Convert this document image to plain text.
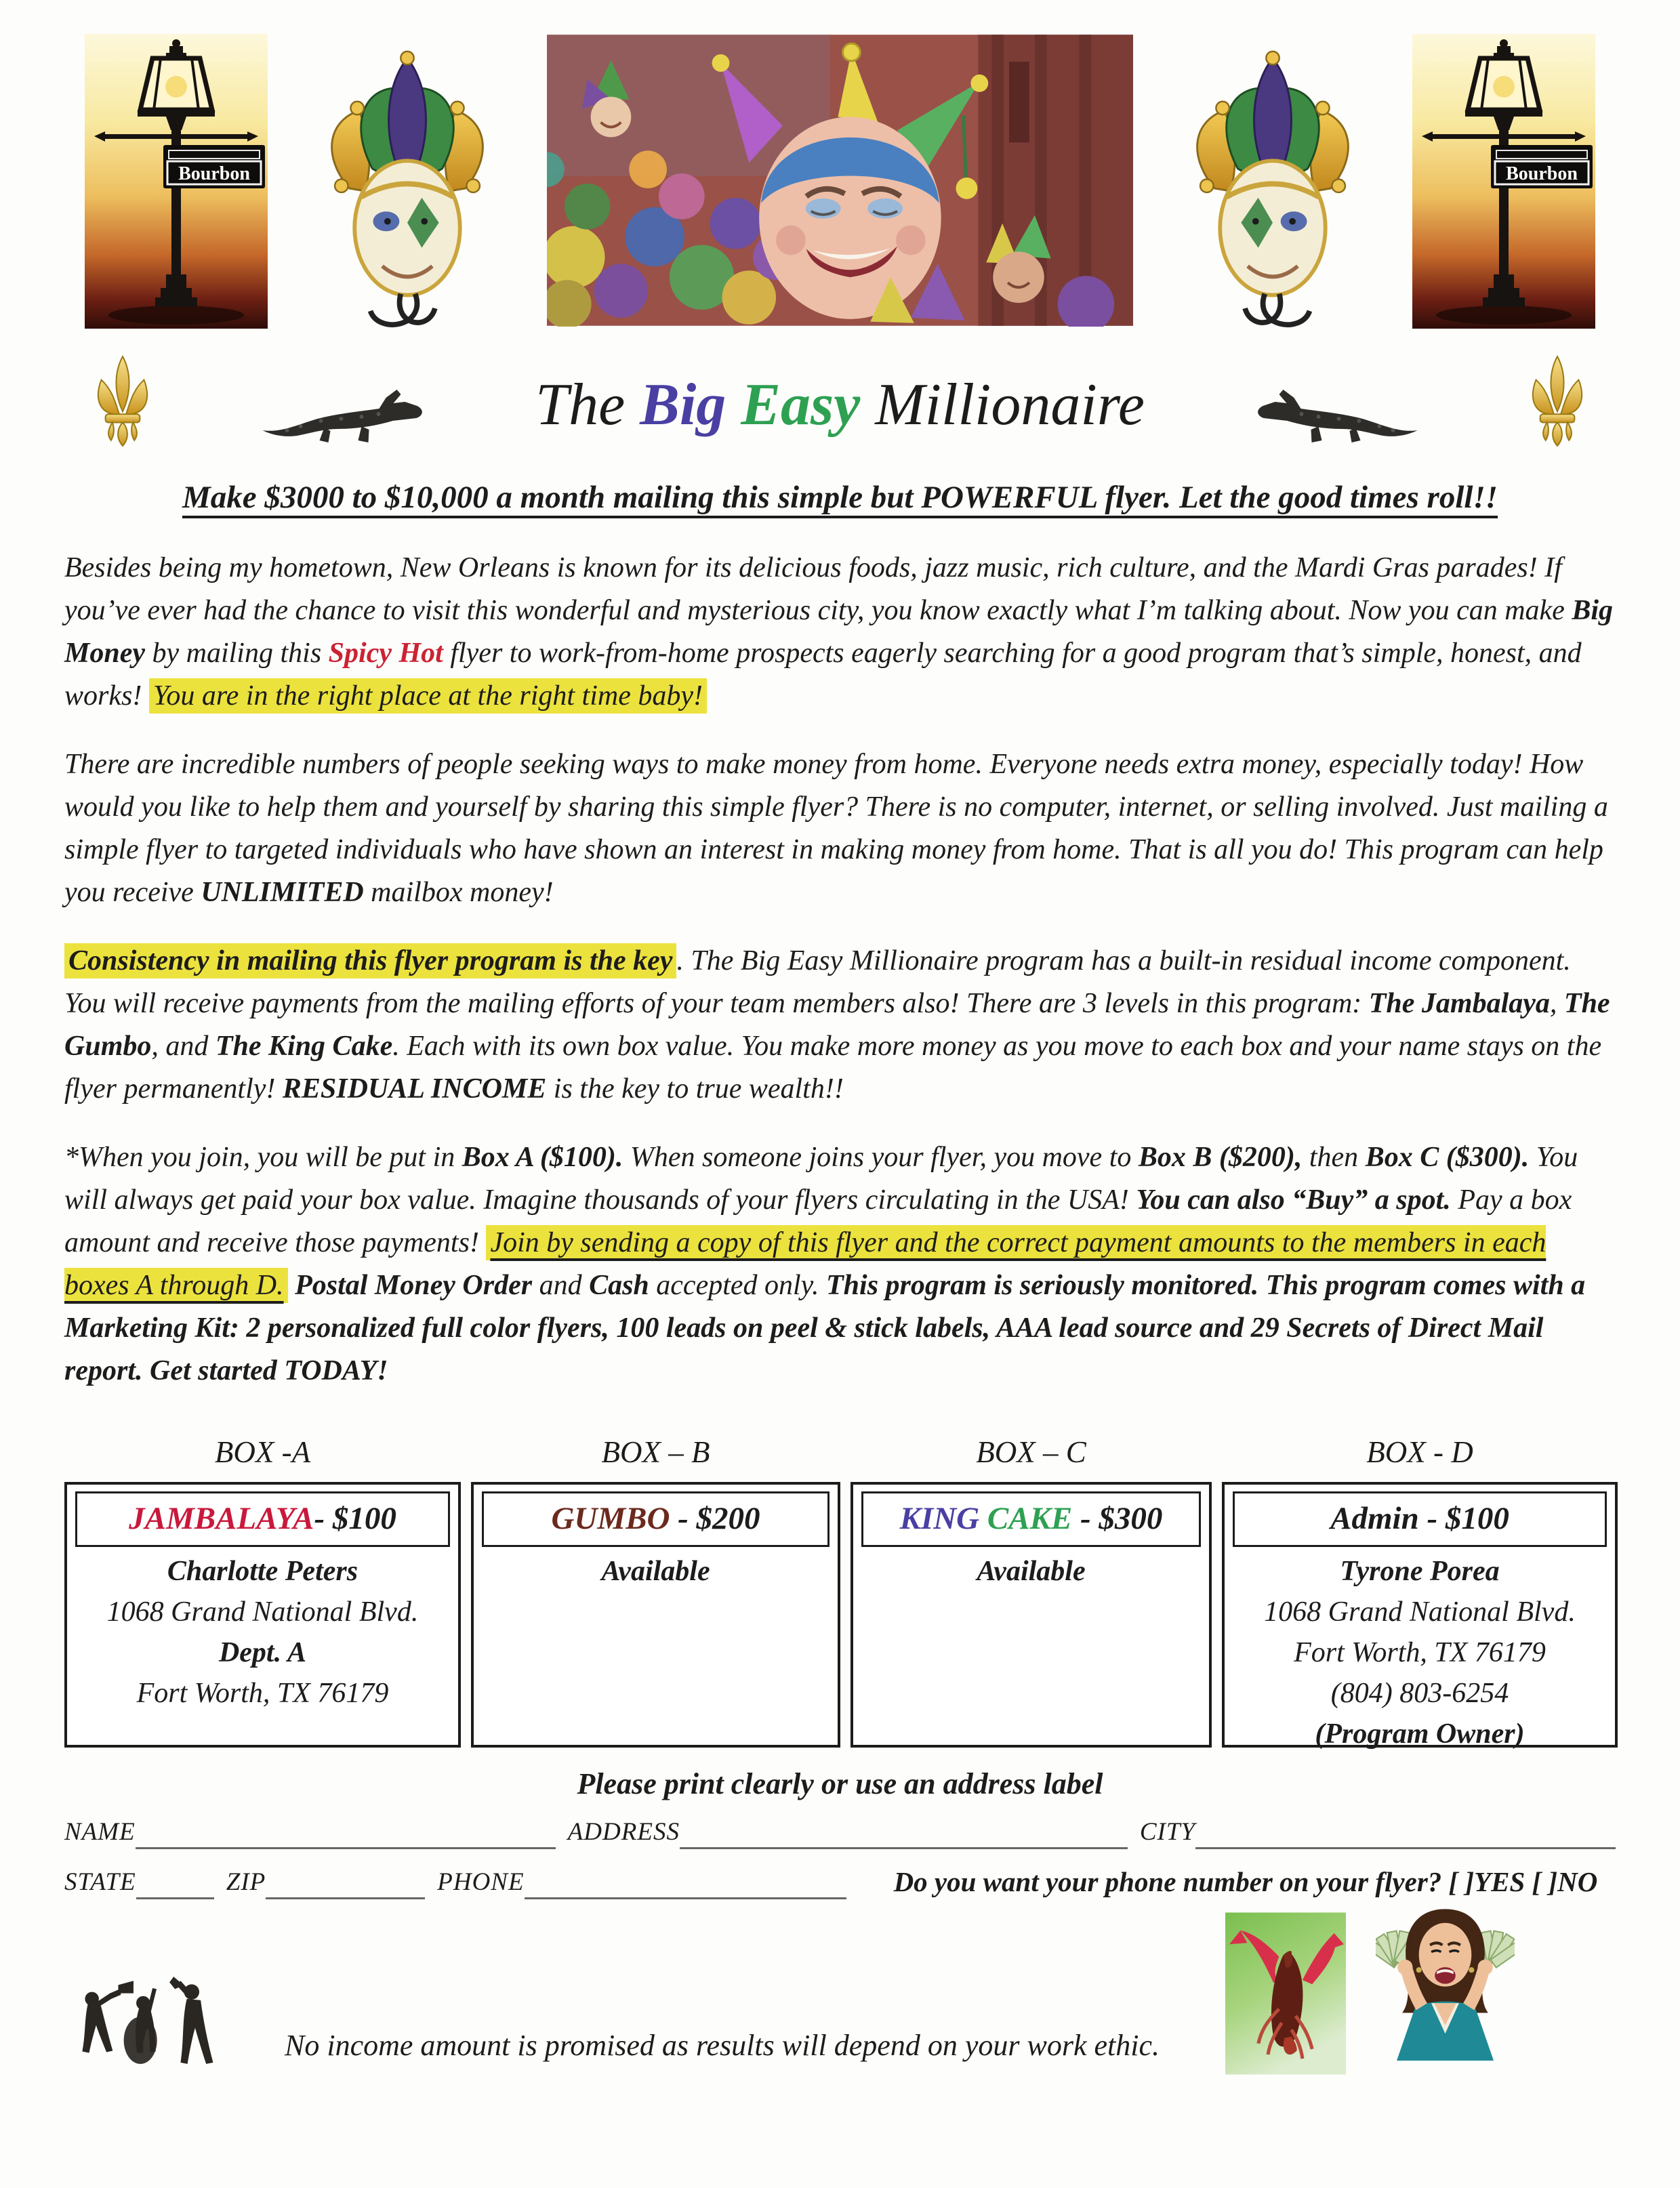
Bourbon	Bourbon
The Big Easy Millionaire
Make $3000 to $10,000 a month mailing this simple but POWERFUL flyer. Let the good times roll!!

Besides being my hometown, New Orleans is known for its delicious foods, jazz music, rich culture, and the Mardi Gras parades! If you’ve ever had the chance to visit this wonderful and mysterious city, you know exactly what I’m talking about. Now you can make Big Money by mailing this Spicy Hot flyer to work-from-home prospects eagerly searching for a good program that’s simple, honest, and works! You are in the right place at the right time baby!

There are incredible numbers of people seeking ways to make money from home. Everyone needs extra money, especially today! How would you like to help them and yourself by sharing this simple flyer? There is no computer, internet, or selling involved. Just mailing a simple flyer to targeted individuals who have shown an interest in making money from home. That is all you do! This program can help you receive UNLIMITED mailbox money!

Consistency in mailing this flyer program is the key . The Big Easy Millionaire program has a built-in residual income component. You will receive payments from the mailing efforts of your team members also! There are 3 levels in this program: The Jambalaya, The Gumbo, and The King Cake. Each with its own box value. You make more money as you move to each box and your name stays on the flyer permanently! RESIDUAL INCOME is the key to true wealth!!

*When you join, you will be put in Box A ($100). When someone joins your flyer, you move to Box B ($200), then Box C ($300). You will always get paid your box value. Imagine thousands of your flyers circulating in the USA! You can also “Buy” a spot. Pay a box amount and receive those payments! Join by sending a copy of this flyer and the correct payment amounts to the members in each boxes A through D. Postal Money Order and Cash accepted only. This program is seriously monitored. This program comes with a Marketing Kit: 2 personalized full color flyers, 100 leads on peel & stick labels, AAA lead source and 29 Secrets of Direct Mail report. Get started TODAY!

BOX -A	BOX – B	BOX – C	BOX - D
JAMBALAYA- $100
Charlotte Peters
1068 Grand National Blvd.
Dept. A
Fort Worth, TX 76179
GUMBO - $200
Available
KING CAKE - $300
Available
Admin - $100
Tyrone Porea
1068 Grand National Blvd.
Fort Worth, TX 76179
(804) 803-6254
(Program Owner)
Please print clearly or use an address label
NAME	ADDRESS	CITY
STATE	ZIP	PHONE	Do you want your phone number on your flyer? [ ]YES [ ]NO
No income amount is promised as results will depend on your work ethic.
